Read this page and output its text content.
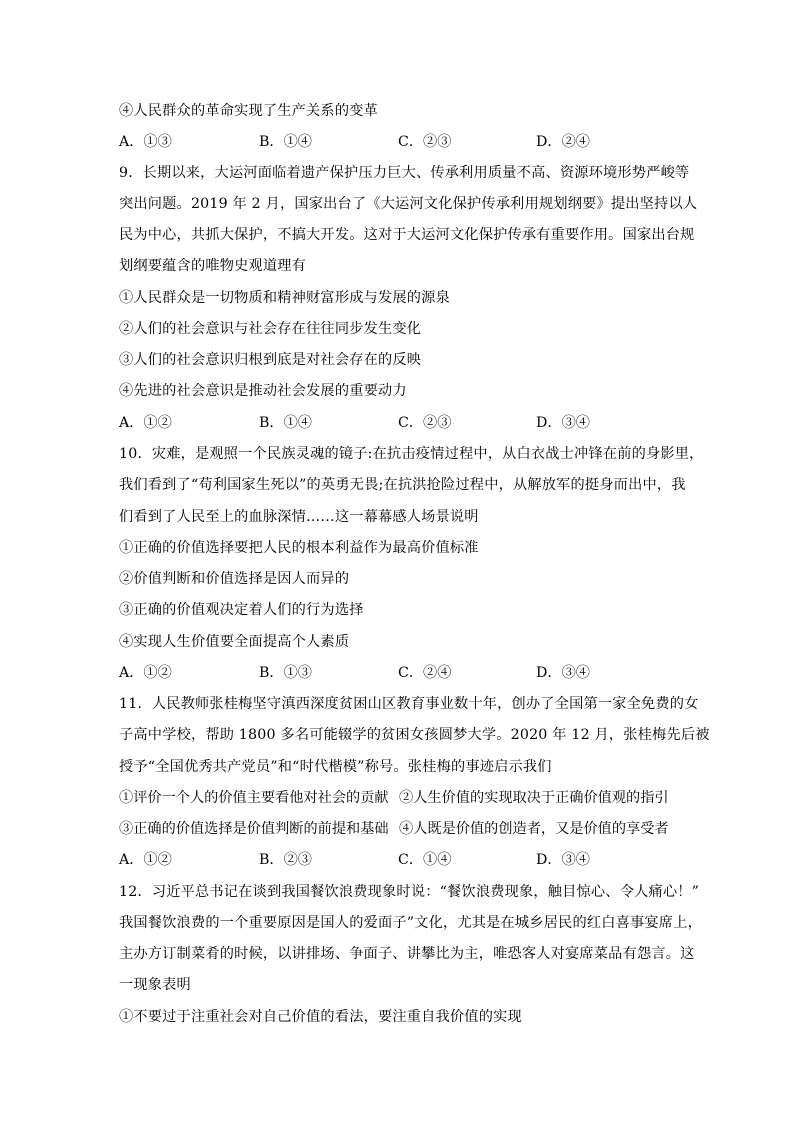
④人民群众的革命实现了生产关系的变革
A．①③	B．①④	C．②③	D．②④
9．长期以来，大运河面临着遗产保护压力巨大、传承利用质量不高、资源环境形势严峻等
突出问题。2019 年 2 月，国家出台了《大运河文化保护传承利用规划纲要》提出坚持以人
民为中心，共抓大保护，不搞大开发。这对于大运河文化保护传承有重要作用。国家出台规
划纲要蕴含的唯物史观道理有
①人民群众是一切物质和精神财富形成与发展的源泉
②人们的社会意识与社会存在往往同步发生变化
③人们的社会意识归根到底是对社会存在的反映
④先进的社会意识是推动社会发展的重要动力
A．①②	B．①④	C．②③	D．③④
10．灾难，是观照一个民族灵魂的镜子:在抗击疫情过程中，从白衣战士冲锋在前的身影里，
我们看到了“苟利国家生死以”的英勇无畏;在抗洪抢险过程中，从解放军的挺身而出中，我
们看到了人民至上的血脉深情……这一幕幕感人场景说明
①正确的价值选择要把人民的根本利益作为最高价值标准
②价值判断和价值选择是因人而异的
③正确的价值观决定着人们的行为选择
④实现人生价值要全面提高个人素质
A．①②	B．①③	C．②④	D．③④
11．人民教师张桂梅坚守滇西深度贫困山区教育事业数十年，创办了全国第一家全免费的女
子高中学校，帮助 1800 多名可能辍学的贫困女孩圆梦大学。2020 年 12 月，张桂梅先后被
授予“全国优秀共产党员”和“时代楷模”称号。张桂梅的事迹启示我们
①评价一个人的价值主要看他对社会的贡献 ②人生价值的实现取决于正确价值观的指引
③正确的价值选择是价值判断的前提和基础 ④人既是价值的创造者，又是价值的享受者
A．①②	B．②③	C．①④	D．③④
12．习近平总书记在谈到我国餐饮浪费现象时说：“餐饮浪费现象，触目惊心、令人痛心！”
我国餐饮浪费的一个重要原因是国人的爱面子”文化，尤其是在城乡居民的红白喜事宴席上，
主办方订制菜肴的时候，以讲排场、争面子、讲攀比为主，唯恐客人对宴席菜品有怨言。这
一现象表明
①不要过于注重社会对自己价值的看法，要注重自我价值的实现
